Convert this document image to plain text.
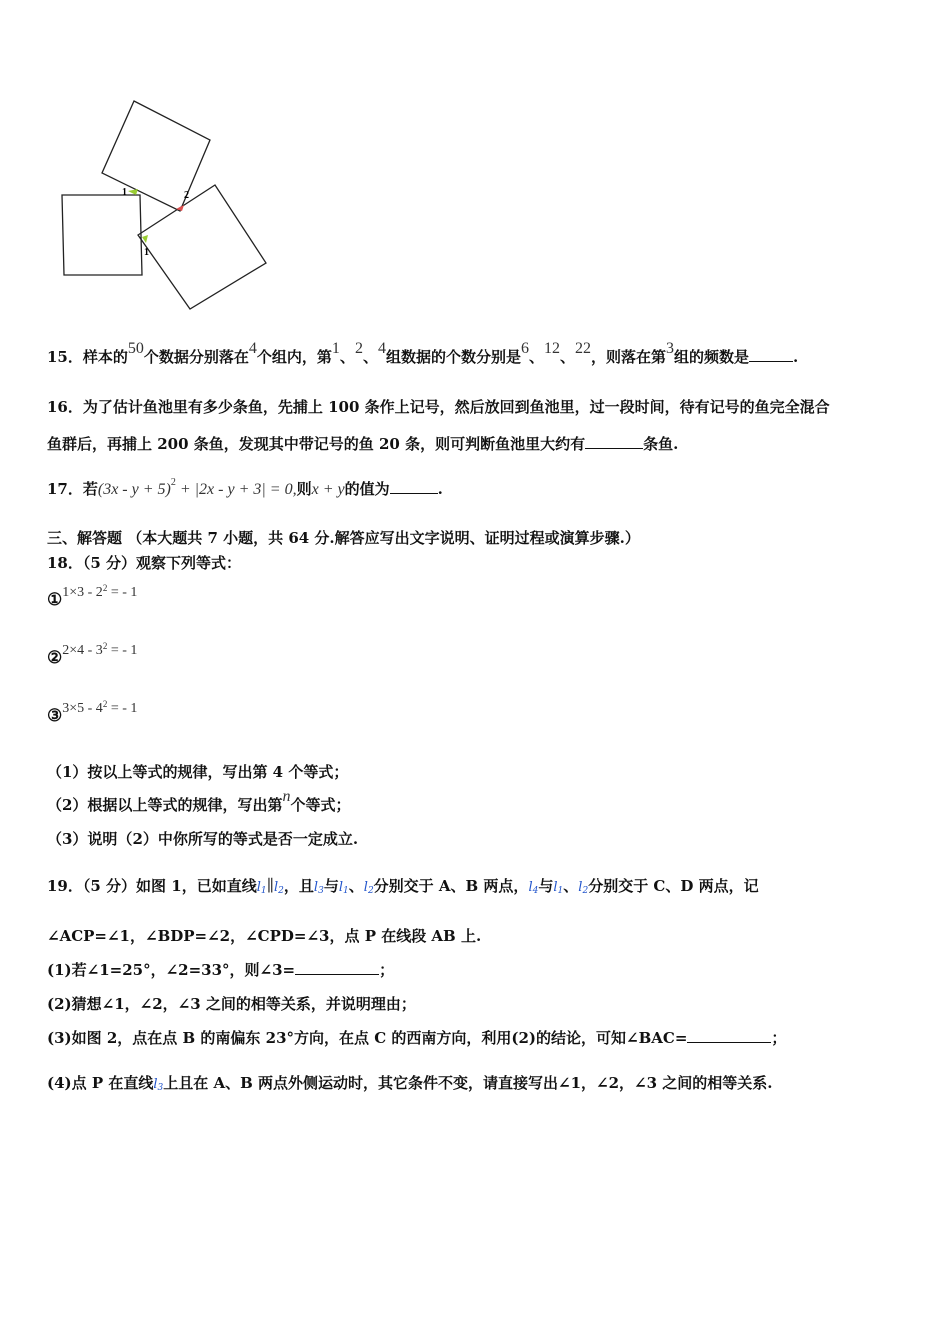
1	2
1
15．样本的50个数据分别落在4个组内，第1、2、4组数据的个数分别是6、12、22，则落在第3组的频数是	.
16．为了估计鱼池里有多少条鱼，先捕上 100 条作上记号，然后放回到鱼池里，过一段时间，待有记号的鱼完全混合
鱼群后，再捕上 200 条鱼，发现其中带记号的鱼 20 条，则可判断鱼池里大约有	条鱼.
17．若$(3x - y + 5)^2 + |2x - y + 3| = 0$,则x + y的值为	.
三、解答题 （本大题共 7 小题，共 64 分.解答应写出文字说明、证明过程或演算步骤.）
18．（5 分）观察下列等式：
①1×3 - $2^2$ = - 1
②2×4 - $3^2$ = - 1
③3×5 - $4^2$ = - 1
（1）按以上等式的规律，写出第 4 个等式；
（2）根据以上等式的规律，写出第n个等式；
（3）说明（2）中你所写的等式是否一定成立.
19．（5 分）如图 1，已如直线l1∥l2，且l3与l1、l2分别交于 A、B 两点，l4与l1、l2分别交于 C、D 两点，记
∠ACP=∠1，∠BDP=∠2，∠CPD=∠3，点 P 在线段 AB 上.
(1)若∠1=25°，∠2=33°，则∠3=	；
(2)猜想∠1，∠2，∠3 之间的相等关系，并说明理由；
(3)如图 2，点在点 B 的南偏东 23°方向，在点 C 的西南方向，利用(2)的结论，可知∠BAC=	；
(4)点 P 在直线l3上且在 A、B 两点外侧运动时，其它条件不变，请直接写出∠1，∠2，∠3 之间的相等关系.
